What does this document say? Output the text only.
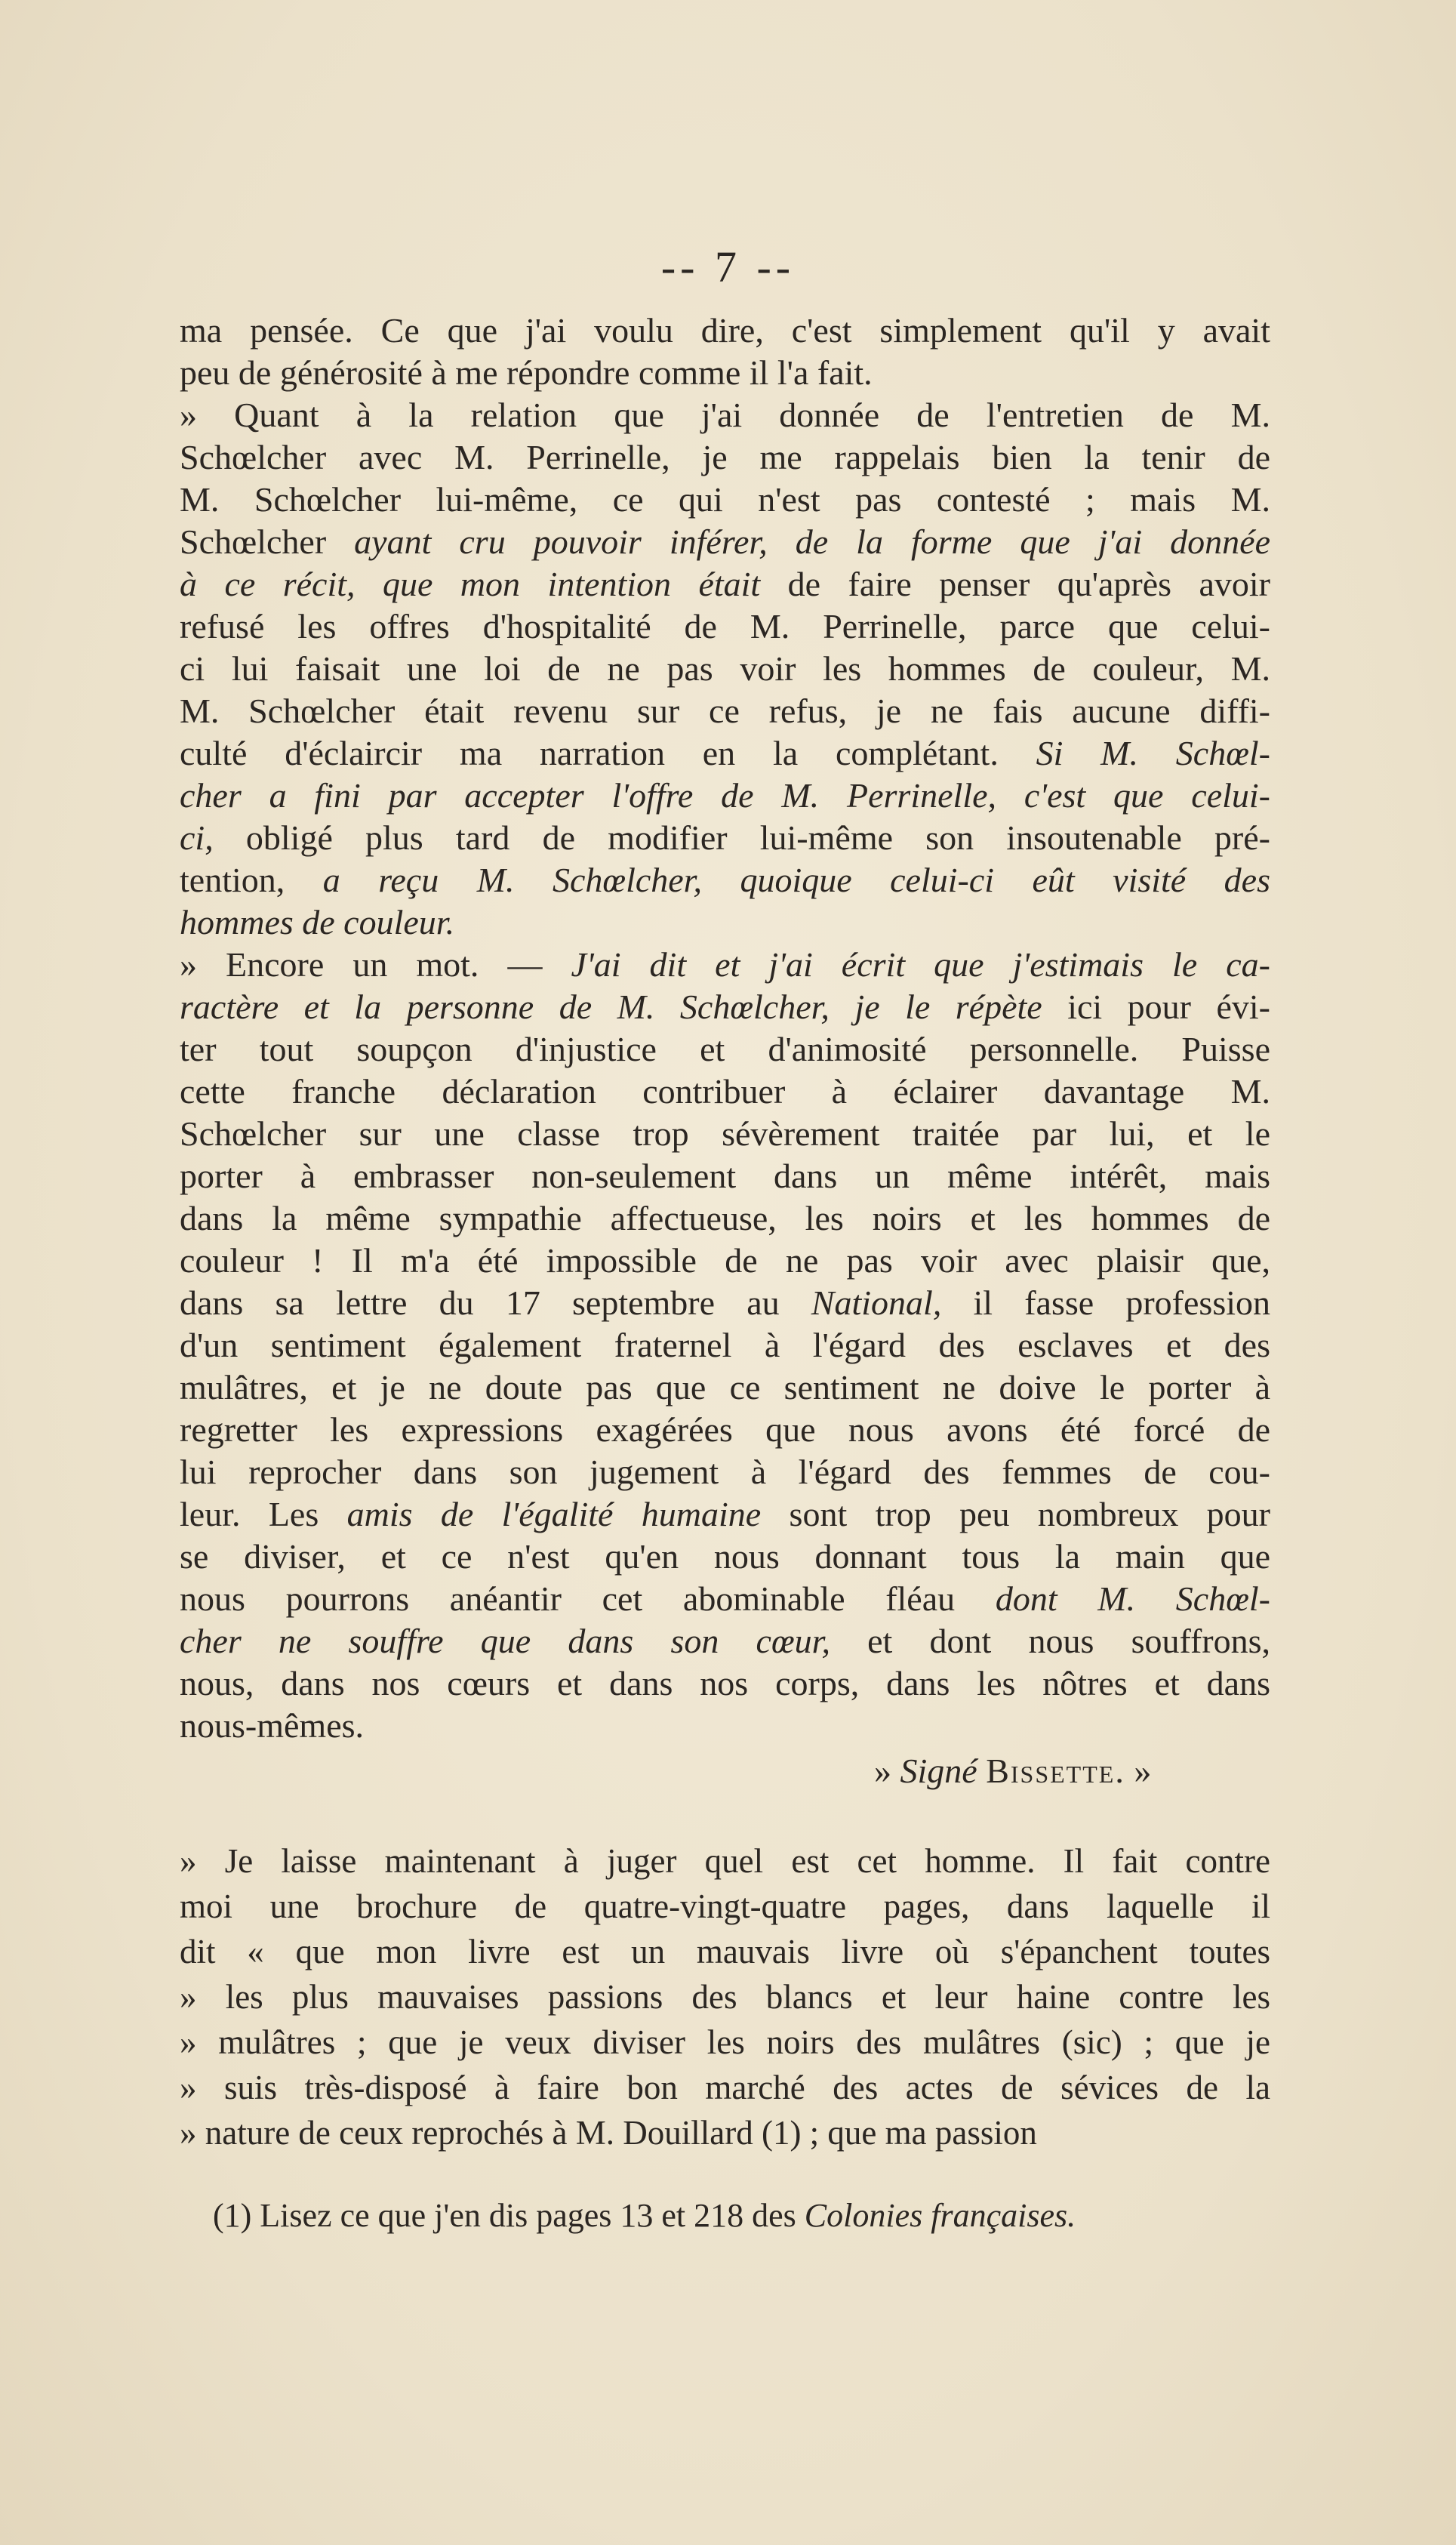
-- 7 --
ma pensée. Ce que j'ai voulu dire, c'est simplement qu'il y avait
peu de générosité à me répondre comme il l'a fait.
» Quant à la relation que j'ai donnée de l'entretien de M.
Schœlcher avec M. Perrinelle, je me rappelais bien la tenir de
M. Schœlcher lui-même, ce qui n'est pas contesté ; mais M.
Schœlcher ayant cru pouvoir inférer, de la forme que j'ai donnée
à ce récit, que mon intention était de faire penser qu'après avoir
refusé les offres d'hospitalité de M. Perrinelle, parce que celui-
ci lui faisait une loi de ne pas voir les hommes de couleur, M.
M. Schœlcher était revenu sur ce refus, je ne fais aucune diffi-
culté d'éclaircir ma narration en la complétant. Si M. Schœl-
cher a fini par accepter l'offre de M. Perrinelle, c'est que celui-
ci, obligé plus tard de modifier lui-même son insoutenable pré-
tention, a reçu M. Schœlcher, quoique celui-ci eût visité des
hommes de couleur.
» Encore un mot. — J'ai dit et j'ai écrit que j'estimais le ca-
ractère et la personne de M. Schœlcher, je le répète ici pour évi-
ter tout soupçon d'injustice et d'animosité personnelle. Puisse
cette franche déclaration contribuer à éclairer davantage M.
Schœlcher sur une classe trop sévèrement traitée par lui, et le
porter à embrasser non-seulement dans un même intérêt, mais
dans la même sympathie affectueuse, les noirs et les hommes de
couleur ! Il m'a été impossible de ne pas voir avec plaisir que,
dans sa lettre du 17 septembre au National, il fasse profession
d'un sentiment également fraternel à l'égard des esclaves et des
mulâtres, et je ne doute pas que ce sentiment ne doive le porter à
regretter les expressions exagérées que nous avons été forcé de
lui reprocher dans son jugement à l'égard des femmes de cou-
leur. Les amis de l'égalité humaine sont trop peu nombreux pour
se diviser, et ce n'est qu'en nous donnant tous la main que
nous pourrons anéantir cet abominable fléau dont M. Schœl-
cher ne souffre que dans son cœur, et dont nous souffrons,
nous, dans nos cœurs et dans nos corps, dans les nôtres et dans
nous-mêmes.
» Signé Bissette. »
» Je laisse maintenant à juger quel est cet homme. Il fait contre
moi une brochure de quatre-vingt-quatre pages, dans laquelle il
dit « que mon livre est un mauvais livre où s'épanchent toutes
» les plus mauvaises passions des blancs et leur haine contre les
» mulâtres ; que je veux diviser les noirs des mulâtres (sic) ; que je
» suis très-disposé à faire bon marché des actes de sévices de la
» nature de ceux reprochés à M. Douillard (1) ; que ma passion
(1) Lisez ce que j'en dis pages 13 et 218 des Colonies françaises.
